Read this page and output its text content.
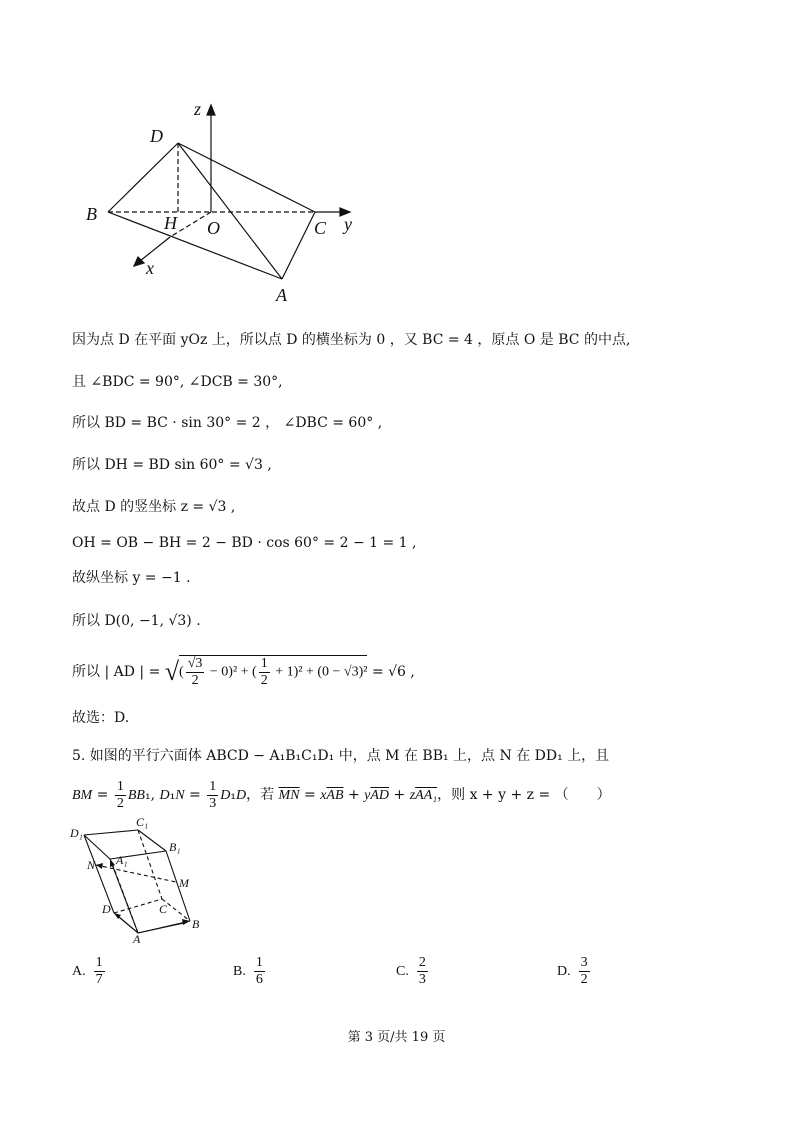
z
D
B	H O	C y
x
A
因为点 D 在平面 yOz 上，所以点 D 的横坐标为 0 ，又 BC = 4 ，原点 O 是 BC 的中点,
且 ∠BDC = 90°, ∠DCB = 30°,
所以 BD = BC · sin 30° = 2 ， ∠DBC = 60° ,
所以 DH = BD sin 60° = √3 ,
故点 D 的竖坐标 z = √3 ,
OH = OB − BH = 2 − BD · cos 60° = 2 − 1 = 1 ,
故纵坐标 y = −1 .
所以 D(0, −1, √3) .
所以 | AD | = √( $\frac{√3}{2} - 0)^2$ + ( $\frac{1}{2} + 1)^2 + (0 - √3)^2 = √6$ ,
故选：D.
5. 如图的平行六面体 ABCD − A₁B₁C₁D₁ 中，点 M 在 BB₁ 上，点 N 在 DD₁ 上，且
BM = $\frac{1}{2} BB_1$, $D_1N = \frac{1}{3} D_1D$，若 $\overline{MN} = x\overline{AB} + y\overline{AD} + zAA_1$，则 x + y + z = （　　）
D₁
C₁
B₁
A₁
N
M
D	C
A
B
A. $\frac{1}{7}$	B. $\frac{1}{6}$	C. $\frac{2}{3}$	D. $\frac{3}{2}$
第 3 页/共 19 页
